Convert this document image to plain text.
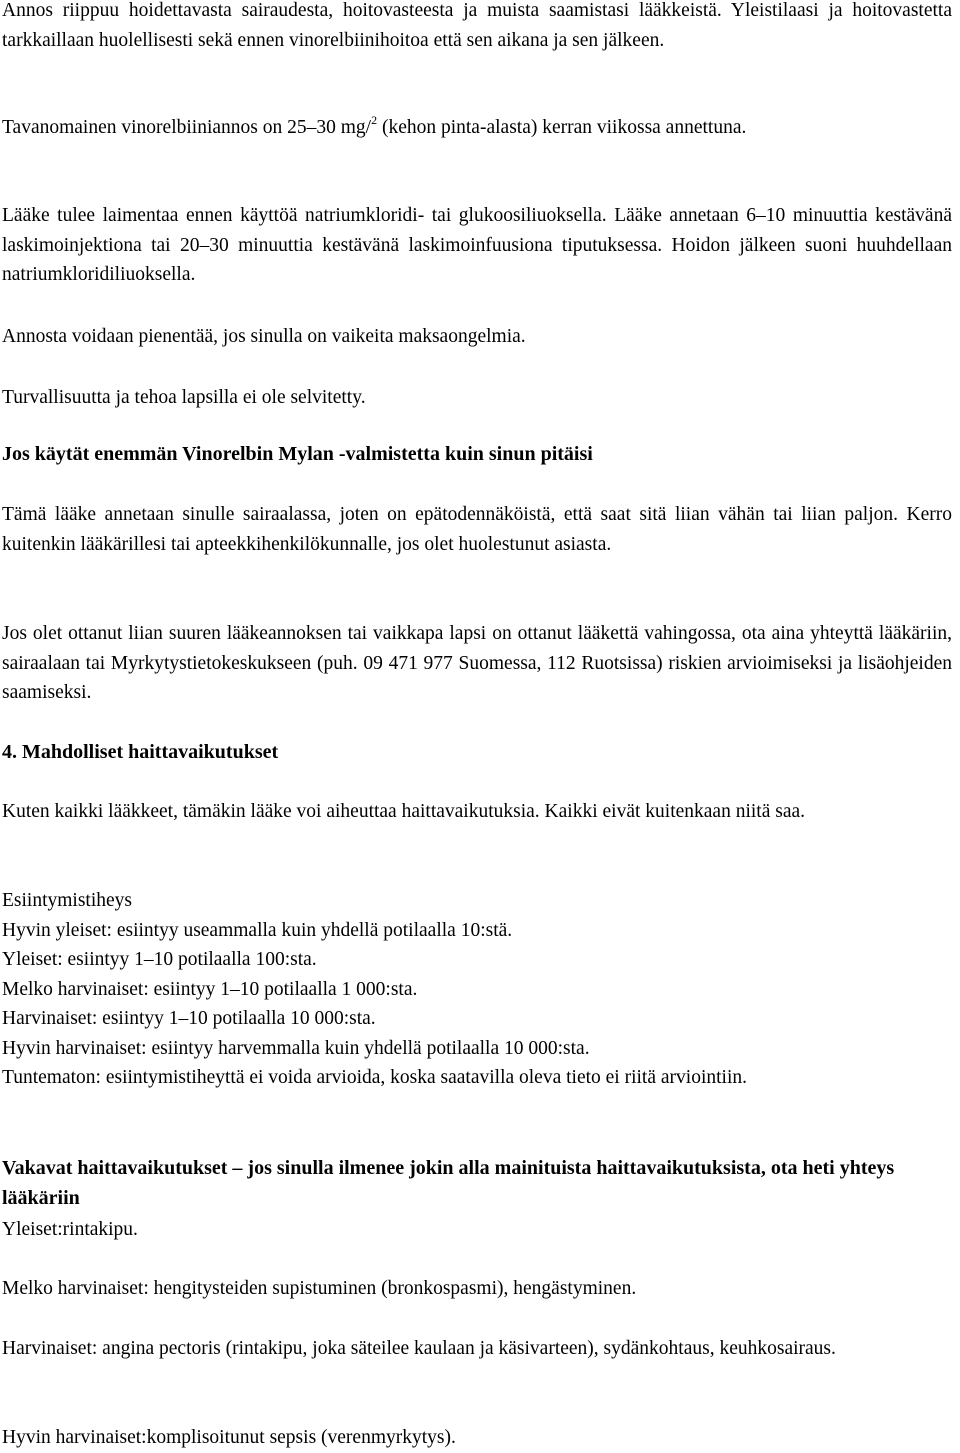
Annos riippuu hoidettavasta sairaudesta, hoitovasteesta ja muista saamistasi lääkkeistä. Yleistilaasi ja hoitovastetta tarkkaillaan huolellisesti sekä ennen vinorelbiinihoitoa että sen aikana ja sen jälkeen.

Tavanomainen vinorelbiiniannos on 25–30 mg/$^2$ (kehon pinta-alasta) kerran viikossa annettuna.

Lääke tulee laimentaa ennen käyttöä natriumkloridi- tai glukoosiliuoksella. Lääke annetaan 6–10 minuuttia kestävänä laskimoinjektiona tai 20–30 minuuttia kestävänä laskimoinfuusiona tiputuksessa. Hoidon jälkeen suoni huuhdellaan natriumkloridiliuoksella.

Annosta voidaan pienentää, jos sinulla on vaikeita maksaongelmia.

Turvallisuutta ja tehoa lapsilla ei ole selvitetty.

Jos käytät enemmän Vinorelbin Mylan -valmistetta kuin sinun pitäisi

Tämä lääke annetaan sinulle sairaalassa, joten on epätodennäköistä, että saat sitä liian vähän tai liian paljon. Kerro kuitenkin lääkärillesi tai apteekkihenkilökunnalle, jos olet huolestunut asiasta.

Jos olet ottanut liian suuren lääkeannoksen tai vaikkapa lapsi on ottanut lääkettä vahingossa, ota aina yhteyttä lääkäriin, sairaalaan tai Myrkytystietokeskukseen (puh. 09 471 977 Suomessa, 112 Ruotsissa) riskien arvioimiseksi ja lisäohjeiden saamiseksi.

4. Mahdolliset haittavaikutukset

Kuten kaikki lääkkeet, tämäkin lääke voi aiheuttaa haittavaikutuksia. Kaikki eivät kuitenkaan niitä saa.

Esiintymistiheys
Hyvin yleiset: esiintyy useammalla kuin yhdellä potilaalla 10:stä.
Yleiset: esiintyy 1–10 potilaalla 100:sta.
Melko harvinaiset: esiintyy 1–10 potilaalla 1 000:sta.
Harvinaiset: esiintyy 1–10 potilaalla 10 000:sta.
Hyvin harvinaiset: esiintyy harvemmalla kuin yhdellä potilaalla 10 000:sta.
Tuntematon: esiintymistiheyttä ei voida arvioida, koska saatavilla oleva tieto ei riitä arviointiin.

Vakavat haittavaikutukset – jos sinulla ilmenee jokin alla mainituista haittavaikutuksista, ota heti yhteys lääkäriin

Yleiset:rintakipu.

Melko harvinaiset: hengitysteiden supistuminen (bronkospasmi), hengästyminen.

Harvinaiset: angina pectoris (rintakipu, joka säteilee kaulaan ja käsivarteen), sydänkohtaus, keuhkosairaus.

Hyvin harvinaiset:komplisoitunut sepsis (verenmyrkytys).
